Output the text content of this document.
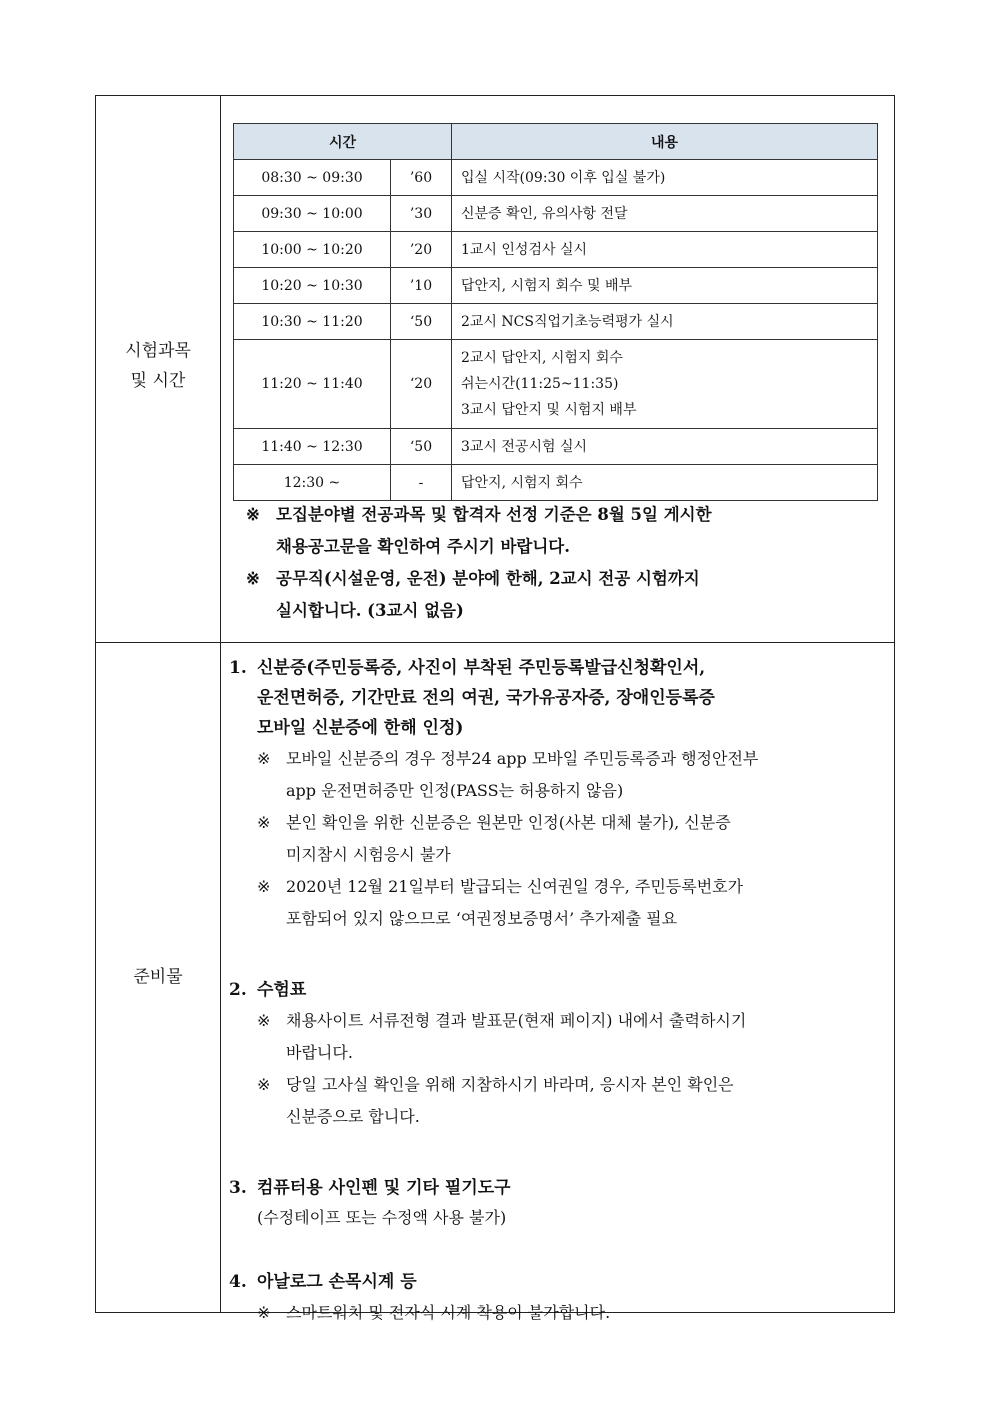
시험과목
및 시간
시간		내용
08:30 ~ 09:30	’60	입실 시작(09:30 이후 입실 불가)
09:30 ~ 10:00	’30	신분증 확인, 유의사항 전달
10:00 ~ 10:20	’20	1교시 인성검사 실시
10:20 ~ 10:30	’10	답안지, 시험지 회수 및 배부
10:30 ~ 11:20	‘50	2교시 NCS직업기초능력평가 실시
11:20 ~ 11:40	‘20	2교시 답안지, 시험지 회수
쉬는시간(11:25~11:35)
3교시 답안지 및 시험지 배부

11:40 ~ 12:30	‘50	3교시 전공시험 실시
12:30 ~	-	답안지, 시험지 회수
※ 모집분야별 전공과목 및 합격자 선정 기준은 8월 5일 게시한
채용공고문을 확인하여 주시기 바랍니다.
※ 공무직(시설운영, 운전) 분야에 한해, 2교시 전공 시험까지
실시합니다. (3교시 없음)
준비물
1. 신분증(주민등록증, 사진이 부착된 주민등록발급신청확인서,
운전면허증, 기간만료 전의 여권, 국가유공자증, 장애인등록증
모바일 신분증에 한해 인정)
※ 모바일 신분증의 경우 정부24 app 모바일 주민등록증과 행정안전부
app 운전면허증만 인정(PASS는 허용하지 않음)
※ 본인 확인을 위한 신분증은 원본만 인정(사본 대체 불가), 신분증
미지참시 시험응시 불가
※ 2020년 12월 21일부터 발급되는 신여권일 경우, 주민등록번호가
포함되어 있지 않으므로 ‘여권정보증명서’ 추가제출 필요
2. 수험표
※ 채용사이트 서류전형 결과 발표문(현재 페이지) 내에서 출력하시기
바랍니다.
※ 당일 고사실 확인을 위해 지참하시기 바라며, 응시자 본인 확인은
신분증으로 합니다.
3. 컴퓨터용 사인펜 및 기타 필기도구
(수정테이프 또는 수정액 사용 불가)
4. 아날로그 손목시계 등
※ 스마트워치 및 전자식 시계 착용이 불가합니다.
